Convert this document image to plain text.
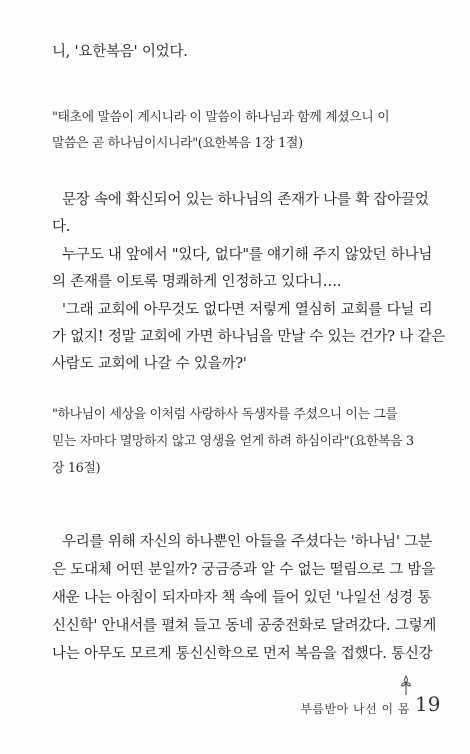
니, '요한복음' 이었다.
"태초에 말씀이 계시니라 이 말씀이 하나님과 함께 계셨으니 이
말씀은 곧 하나님이시니라"(요한복음 1장 1절)
문장 속에 확신되어 있는 하나님의 존재가 나를 확 잡아끌었
다.
누구도 내 앞에서 "있다, 없다"를 얘기해 주지 않았던 하나님
의 존재를 이토록 명쾌하게 인정하고 있다니….
'그래 교회에 아무것도 없다면 저렇게 열심히 교회를 다닐 리
가 없지! 정말 교회에 가면 하나님을 만날 수 있는 건가? 나 같은
사람도 교회에 나갈 수 있을까?'
"하나님이 세상을 이처럼 사랑하사 독생자를 주셨으니 이는 그를
믿는 자마다 멸망하지 않고 영생을 얻게 하려 하심이라"(요한복음 3
장 16절)
우리를 위해 자신의 하나뿐인 아들을 주셨다는 '하나님' 그분
은 도대체 어떤 분일까? 궁금증과 알 수 없는 떨림으로 그 밤을
새운 나는 아침이 되자마자 책 속에 들어 있던 '나일선 성경 통
신신학' 안내서를 펼쳐 들고 동네 공중전화로 달려갔다. 그렇게
나는 아무도 모르게 통신신학으로 먼저 복음을 접했다. 통신강
부름받아 나선 이 몸 19
